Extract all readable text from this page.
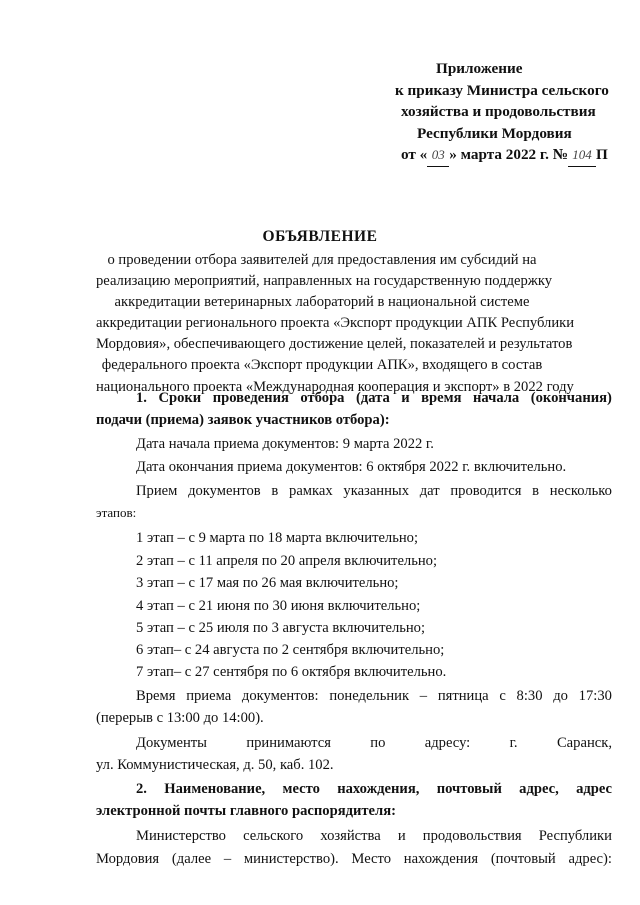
Приложение
к приказу Министра сельского
хозяйства и продовольствия
Республики Мордовия
от « 03 » марта 2022 г. № 104 П
ОБЪЯВЛЕНИЕ
о проведении отбора заявителей для предоставления им субсидий на
реализацию мероприятий, направленных на государственную поддержку
аккредитации ветеринарных лабораторий в национальной системе
аккредитации регионального проекта «Экспорт продукции АПК Республики
Мордовия», обеспечивающего достижение целей, показателей и результатов
федерального проекта «Экспорт продукции АПК», входящего в состав
национального проекта «Международная кооперация и экспорт» в 2022 году
1. Сроки проведения отбора (дата и время начала (окончания)
подачи (приема) заявок участников отбора):
Дата начала приема документов: 9 марта 2022 г.
Дата окончания приема документов: 6 октября 2022 г. включительно.
Прием документов в рамках указанных дат проводится в несколько
этапов:
1 этап – с 9 марта по 18 марта включительно;
2 этап – с 11 апреля по 20 апреля включительно;
3 этап – с 17 мая по 26 мая включительно;
4 этап – с 21 июня по 30 июня включительно;
5 этап – с 25 июля по 3 августа включительно;
6 этап– с 24 августа по 2 сентября включительно;
7 этап– с 27 сентября по 6 октября включительно.
Время приема документов: понедельник – пятница с 8:30 до 17:30
(перерыв с 13:00 до 14:00).
Документы	принимаются	по	адресу:	г.	Саранск,
ул. Коммунистическая, д. 50, каб. 102.
2. Наименование, место нахождения, почтовый адрес, адрес
электронной почты главного распорядителя:
Министерство сельского хозяйства и продовольствия Республики
Мордовия (далее – министерство). Место нахождения (почтовый адрес):
